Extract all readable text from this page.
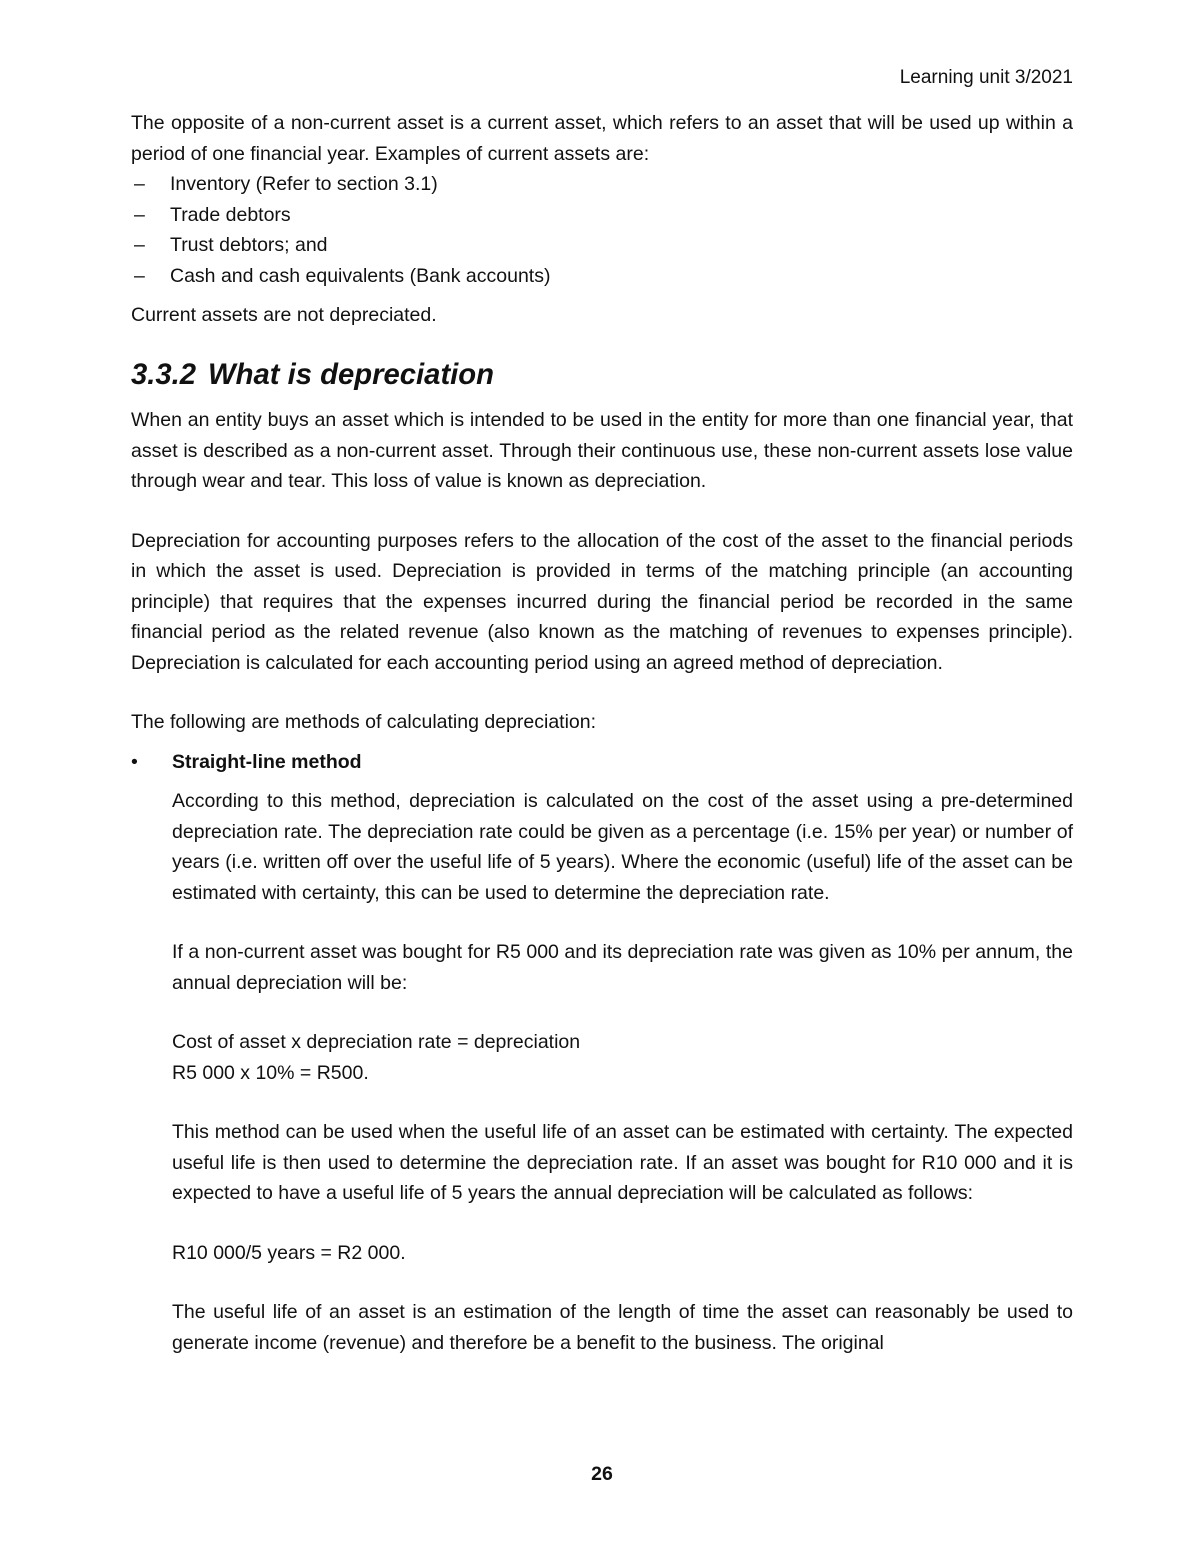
Learning unit 3/2021

The opposite of a non-current asset is a current asset, which refers to an asset that will be used up within a period of one financial year. Examples of current assets are:

– Inventory (Refer to section 3.1)
– Trade debtors
– Trust debtors; and
– Cash and cash equivalents (Bank accounts)

Current assets are not depreciated.

3.3.2 What is depreciation

When an entity buys an asset which is intended to be used in the entity for more than one financial year, that asset is described as a non-current asset. Through their continuous use, these non-current assets lose value through wear and tear. This loss of value is known as depreciation.

Depreciation for accounting purposes refers to the allocation of the cost of the asset to the financial periods in which the asset is used. Depreciation is provided in terms of the matching principle (an accounting principle) that requires that the expenses incurred during the financial period be recorded in the same financial period as the related revenue (also known as the matching of revenues to expenses principle). Depreciation is calculated for each accounting period using an agreed method of depreciation.

The following are methods of calculating depreciation:

• Straight-line method

According to this method, depreciation is calculated on the cost of the asset using a pre-determined depreciation rate. The depreciation rate could be given as a percentage (i.e. 15% per year) or number of years (i.e. written off over the useful life of 5 years). Where the economic (useful) life of the asset can be estimated with certainty, this can be used to determine the depreciation rate.

If a non-current asset was bought for R5 000 and its depreciation rate was given as 10% per annum, the annual depreciation will be:

Cost of asset x depreciation rate = depreciation

R5 000 x 10% = R500.

This method can be used when the useful life of an asset can be estimated with certainty. The expected useful life is then used to determine the depreciation rate. If an asset was bought for R10 000 and it is expected to have a useful life of 5 years the annual depreciation will be calculated as follows:

R10 000/5 years = R2 000.

The useful life of an asset is an estimation of the length of time the asset can reasonably be used to generate income (revenue) and therefore be a benefit to the business. The original

26
